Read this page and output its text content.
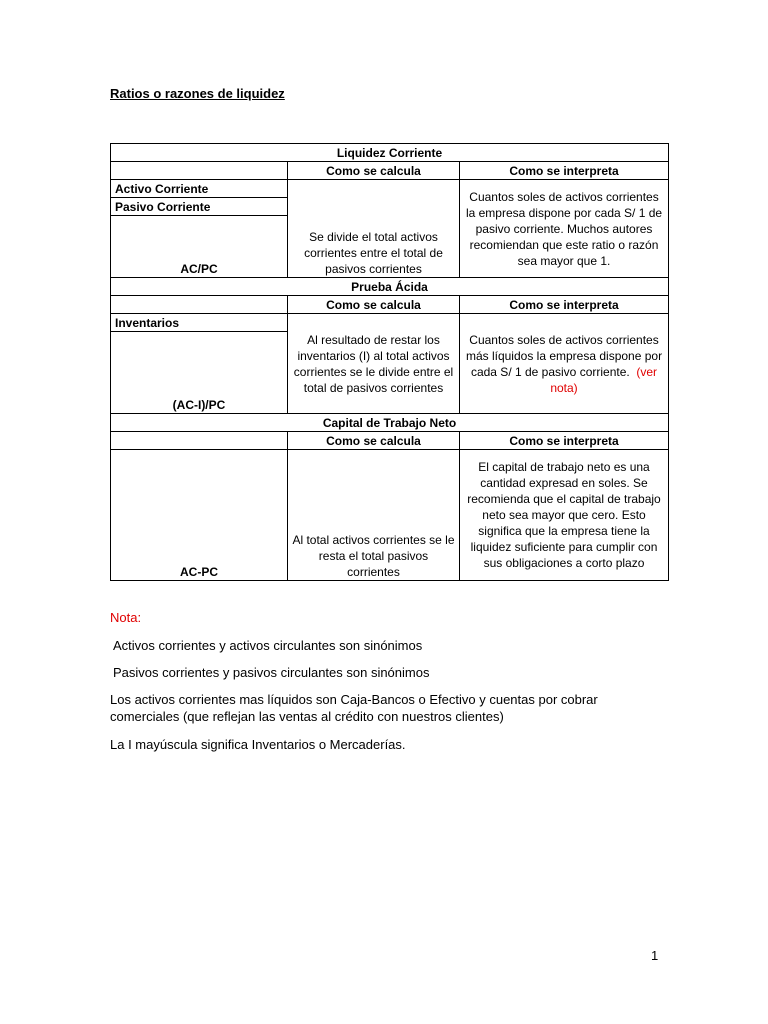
Ratios o razones de liquidez
Liquidez Corriente		
	Como se calcula	Como se interpreta
Activo Corriente	Se divide el total activos corrientes entre el total de pasivos corrientes	Cuantos soles de activos corrientes la empresa dispone por cada S/ 1 de pasivo corriente. Muchos autores recomiendan que este ratio o razón sea mayor que 1.
Pasivo Corriente		
AC/PC		
Prueba Ácida		
	Como se calcula	Como se interpreta
Inventarios	Al resultado de restar los inventarios (I) al total activos corrientes se le divide entre el total de pasivos corrientes	Cuantos soles de activos corrientes más líquidos la empresa dispone por cada S/ 1 de pasivo corriente. (ver nota)
(AC-I)/PC		
Capital de Trabajo Neto		
	Como se calcula	Como se interpreta
AC-PC	Al total activos corrientes se le resta el total pasivos corrientes	El capital de trabajo neto es una cantidad expresad en soles. Se recomienda que el capital de trabajo neto sea mayor que cero. Esto significa que la empresa tiene la liquidez suficiente para cumplir con sus obligaciones a corto plazo
Nota:
Activos corrientes y activos circulantes son sinónimos
Pasivos corrientes y pasivos circulantes son sinónimos
Los activos corrientes mas líquidos son Caja-Bancos o Efectivo y cuentas por cobrar comerciales (que reflejan las ventas al crédito con nuestros clientes)
La I mayúscula significa Inventarios o Mercaderías.
1
